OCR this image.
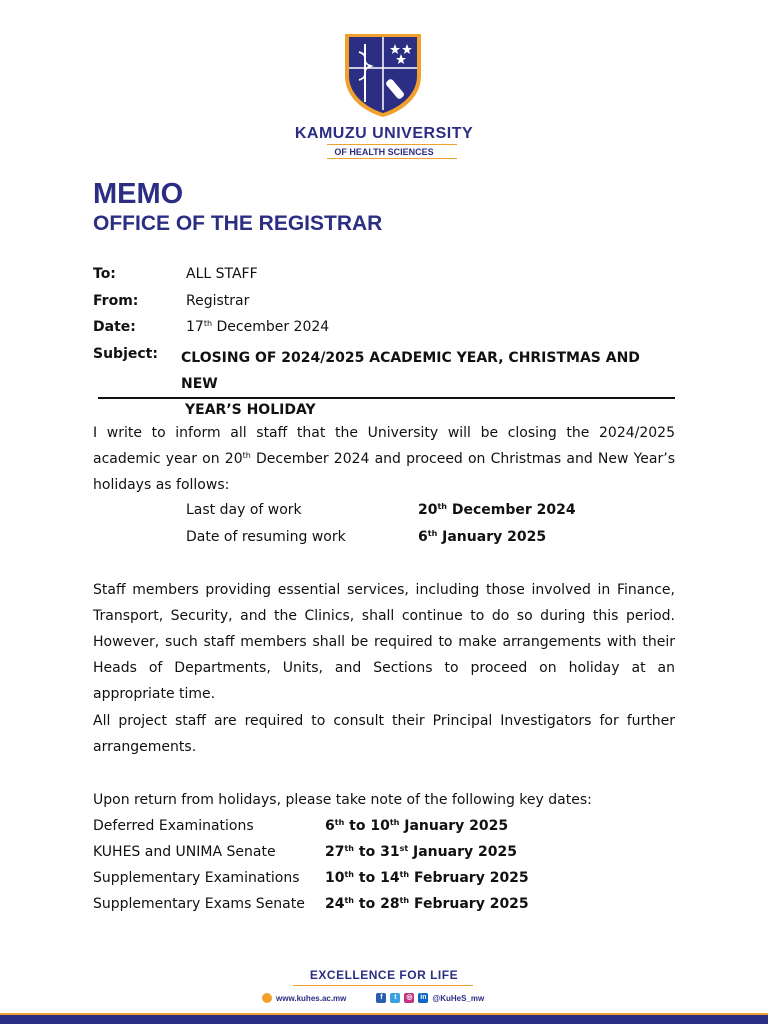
KAMUZU UNIVERSITY
OF HEALTH SCIENCES
MEMO
OFFICE OF THE REGISTRAR
To:	ALL STAFF
From:	Registrar
Date:	17th December 2024
Subject: CLOSING OF 2024/2025 ACADEMIC YEAR, CHRISTMAS AND NEW
YEAR’S HOLIDAY
I write to inform all staff that the University will be closing the 2024/2025 academic year on 20th December 2024 and proceed on Christmas and New Year’s holidays as follows:
Last day of work	20th December 2024
Date of resuming work	6th January 2025
Staff members providing essential services, including those involved in Finance, Transport, Security, and the Clinics, shall continue to do so during this period. However, such staff members shall be required to make arrangements with their Heads of Departments, Units, and Sections to proceed on holiday at an appropriate time.
All project staff are required to consult their Principal Investigators for further arrangements.
Upon return from holidays, please take note of the following key dates:
Deferred Examinations	6th to 10th January 2025
KUHES and UNIMA Senate	27th to 31st January 2025
Supplementary Examinations 10th to 14th February 2025
Supplementary Exams Senate 24th to 28th February 2025
EXCELLENCE FOR LIFE
www.kuhes.ac.mw	f	t	◎ in @KuHeS_mw
